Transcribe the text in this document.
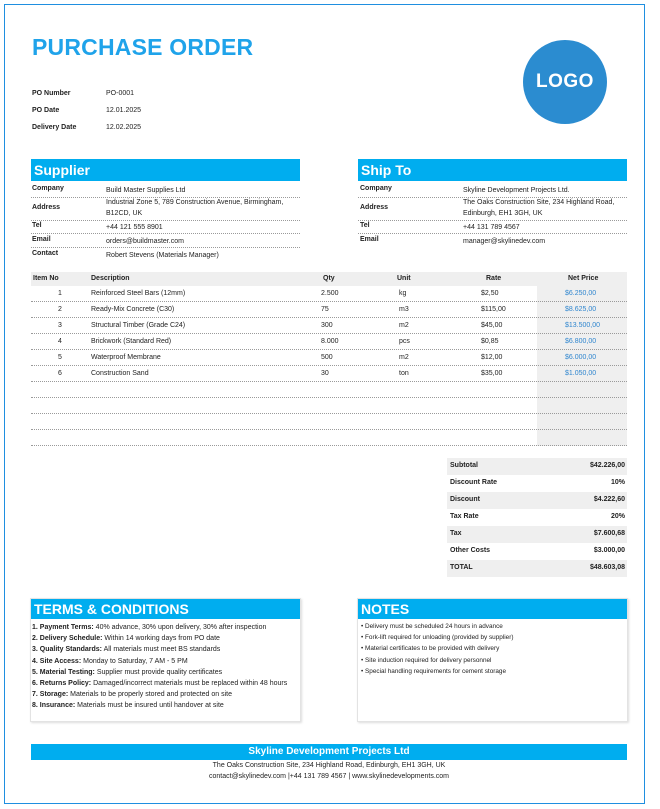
PURCHASE ORDER
LOGO
PO Number	PO-0001
PO Date	12.01.2025
Delivery Date	12.02.2025
Supplier
Company	Build Master Supplies Ltd
Address
Industrial Zone 5, 789 Construction Avenue, Birmingham, B12CD, UK
Tel	+44 121 555 8901
Email	orders@buildmaster.com
Contact	Robert Stevens (Materials Manager)
Ship To
Company	Skyline Development Projects Ltd.
Address
The Oaks Construction Site, 234 Highland Road, Edinburgh, EH1 3GH, UK
Tel	+44 131 789 4567
Email	manager@skylinedev.com
Item No	Description	Qty	Unit	Rate	Net Price
1	Reinforced Steel Bars (12mm)	2.500	kg	$2,50	$6.250,00
2	Ready-Mix Concrete (C30)	75	m3	$115,00	$8.625,00
3	Structural Timber (Grade C24)	300	m2	$45,00	$13.500,00
4	Brickwork (Standard Red)	8.000	pcs	$0,85	$6.800,00
5	Waterproof Membrane	500	m2	$12,00	$6.000,00
6	Construction Sand	30	ton	$35,00	$1.050,00
Subtotal	$42.226,00
Discount Rate	10%
Discount	$4.222,60
Tax Rate	20%
Tax	$7.600,68
Other Costs	$3.000,00
TOTAL	$48.603,08
TERMS & CONDITIONS
1. Payment Terms: 40% advance, 30% upon delivery, 30% after inspection
2. Delivery Schedule: Within 14 working days from PO date
3. Quality Standards: All materials must meet BS standards
4. Site Access: Monday to Saturday, 7 AM - 5 PM
5. Material Testing: Supplier must provide quality certificates
6. Returns Policy: Damaged/incorrect materials must be replaced within 48 hours
7. Storage: Materials to be properly stored and protected on site
8. Insurance: Materials must be insured until handover at site
NOTES
• Delivery must be scheduled 24 hours in advance
• Fork-lift required for unloading (provided by supplier)
• Material certificates to be provided with delivery
• Site induction required for delivery personnel
• Special handling requirements for cement storage
Skyline Development Projects Ltd
The Oaks Construction Site, 234 Highland Road, Edinburgh, EH1 3GH, UK
contact@skylinedev.com |+44 131 789 4567 | www.skylinedevelopments.com
